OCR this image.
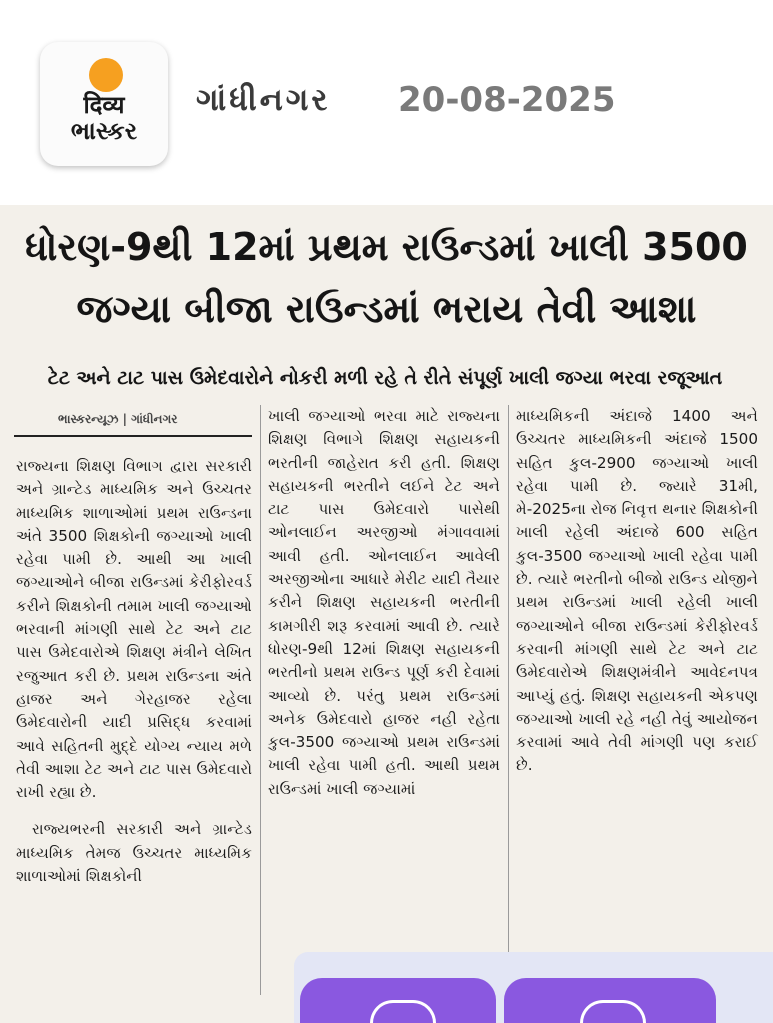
दिव्य
ભાસ્કર
ગાંધીનગર 20-08-2025
ધોરણ-9થી 12માં પ્રથમ રાઉન્ડમાં ખાલી 3500
જગ્યા બીજા રાઉન્ડમાં ભરાય તેવી આશા
ટેટ અને ટાટ પાસ ઉમેદવારોને નોકરી મળી રહે તે રીતે સંપૂર્ણ ખાલી જગ્યા ભરવા રજૂઆત
ભાસ્કરન્યૂઝ | ગાંધીનગર

રાજ્યના શિક્ષણ વિભાગ દ્વારા સરકારી અને ગ્રાન્ટેડ માધ્યમિક અને ઉચ્ચતર માધ્યમિક શાળાઓમાં પ્રથમ રાઉન્ડના અંતે 3500 શિક્ષકોની જગ્યાઓ ખાલી રહેવા પામી છે. આથી આ ખાલી જગ્યાઓને બીજા રાઉન્ડમાં કેરીફોરવર્ડ કરીને શિક્ષકોની તમામ ખાલી જગ્યાઓ ભરવાની માંગણી સાથે ટેટ અને ટાટ પાસ ઉમેદવારોએ શિક્ષણ મંત્રીને લેખિત રજુઆત કરી છે. પ્રથમ રાઉન્ડના અંતે હાજર અને ગેરહાજર રહેલા ઉમેદવારોની યાદી પ્રસિદ્ધ કરવામાં આવે સહિતની મુદ્દે યોગ્ય ન્યાય મળે તેવી આશા ટેટ અને ટાટ પાસ ઉમેદવારો રાખી રહ્યા છે.

રાજ્યભરની સરકારી અને ગ્રાન્ટેડ માધ્યમિક તેમજ ઉચ્ચતર માધ્યમિક શાળાઓમાં શિક્ષકોની

ખાલી જગ્યાઓ ભરવા માટે રાજ્યના શિક્ષણ વિભાગે શિક્ષણ સહાયકની ભરતીની જાહેરાત કરી હતી. શિક્ષણ સહાયકની ભરતીને લઈને ટેટ અને ટાટ પાસ ઉમેદવારો પાસેથી ઓનલાઈન અરજીઓ મંગાવવામાં આવી હતી. ઓનલાઈન આવેલી અરજીઓના આધારે મેરીટ યાદી તૈયાર કરીને શિક્ષણ સહાયકની ભરતીની કામગીરી શરૂ કરવામાં આવી છે. ત્યારે ધોરણ-9થી 12માં શિક્ષણ સહાયકની ભરતીનો પ્રથમ રાઉન્ડ પૂર્ણ કરી દેવામાં આવ્યો છે. પરંતુ પ્રથમ રાઉન્ડમાં અનેક ઉમેદવારો હાજર નહી રહેતા કુલ-3500 જગ્યાઓ પ્રથમ રાઉન્ડમાં ખાલી રહેવા પામી હતી. આથી પ્રથમ રાઉન્ડમાં ખાલી જગ્યામાં

માધ્યમિકની અંદાજે 1400 અને ઉચ્ચતર માધ્યમિકની અંદાજે 1500 સહિત કુલ-2900 જગ્યાઓ ખાલી રહેવા પામી છે. જ્યારે 31મી, મે-2025ના રોજ નિવૃત્ત થનાર શિક્ષકોની ખાલી રહેલી અંદાજે 600 સહિત કુલ-3500 જગ્યાઓ ખાલી રહેવા પામી છે. ત્યારે ભરતીનો બીજો રાઉન્ડ યોજીને પ્રથમ રાઉન્ડમાં ખાલી રહેલી ખાલી જગ્યાઓને બીજા રાઉન્ડમાં કેરીફોરવર્ડ કરવાની માંગણી સાથે ટેટ અને ટાટ ઉમેદવારોએ શિક્ષણમંત્રીને આવેદનપત્ર આપ્યું હતું. શિક્ષણ સહાયકની એકપણ જગ્યાઓ ખાલી રહે નહી તેવું આયોજન કરવામાં આવે તેવી માંગણી પણ કરાઈ છે.
